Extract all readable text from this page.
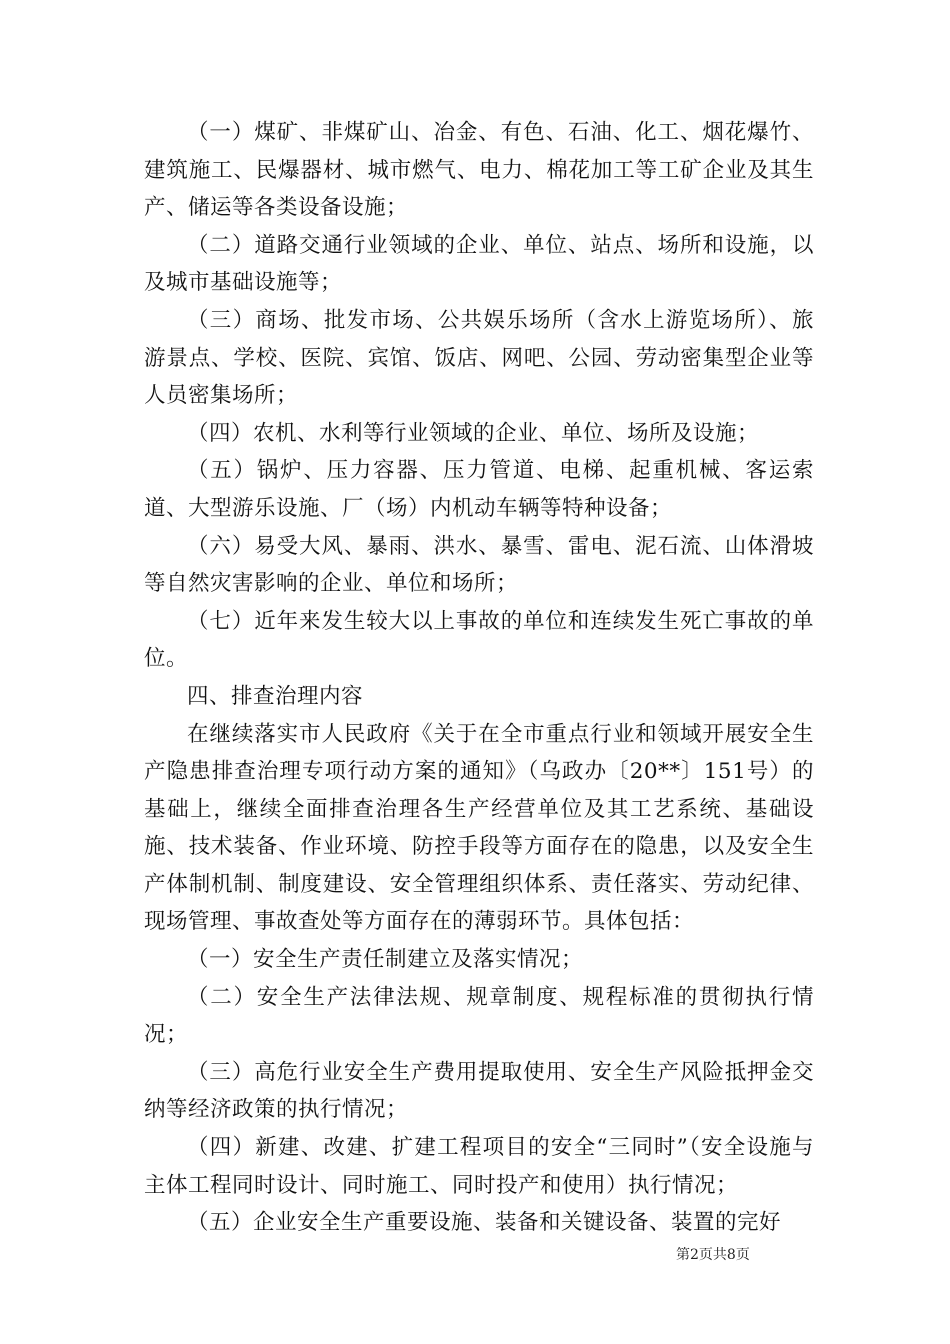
（一）煤矿、非煤矿山、冶金、有色、石油、化工、烟花爆竹、建筑施工、民爆器材、城市燃气、电力、棉花加工等工矿企业及其生产、储运等各类设备设施；

（二）道路交通行业领域的企业、单位、站点、场所和设施，以及城市基础设施等；

（三）商场、批发市场、公共娱乐场所（含水上游览场所）、旅游景点、学校、医院、宾馆、饭店、网吧、公园、劳动密集型企业等人员密集场所；

（四）农机、水利等行业领域的企业、单位、场所及设施；

（五）锅炉、压力容器、压力管道、电梯、起重机械、客运索道、大型游乐设施、厂（场）内机动车辆等特种设备；

（六）易受大风、暴雨、洪水、暴雪、雷电、泥石流、山体滑坡等自然灾害影响的企业、单位和场所；

（七）近年来发生较大以上事故的单位和连续发生死亡事故的单位。

四、排查治理内容

在继续落实市人民政府《关于在全市重点行业和领域开展安全生产隐患排查治理专项行动方案的通知》（乌政办〔20**〕151号）的基础上，继续全面排查治理各生产经营单位及其工艺系统、基础设施、技术装备、作业环境、防控手段等方面存在的隐患，以及安全生产体制机制、制度建设、安全管理组织体系、责任落实、劳动纪律、现场管理、事故查处等方面存在的薄弱环节。具体包括：

（一）安全生产责任制建立及落实情况；

（二）安全生产法律法规、规章制度、规程标准的贯彻执行情况；

（三）高危行业安全生产费用提取使用、安全生产风险抵押金交纳等经济政策的执行情况；

（四）新建、改建、扩建工程项目的安全“三同时”（安全设施与主体工程同时设计、同时施工、同时投产和使用）执行情况；

（五）企业安全生产重要设施、装备和关键设备、装置的完好

第2页共8页
